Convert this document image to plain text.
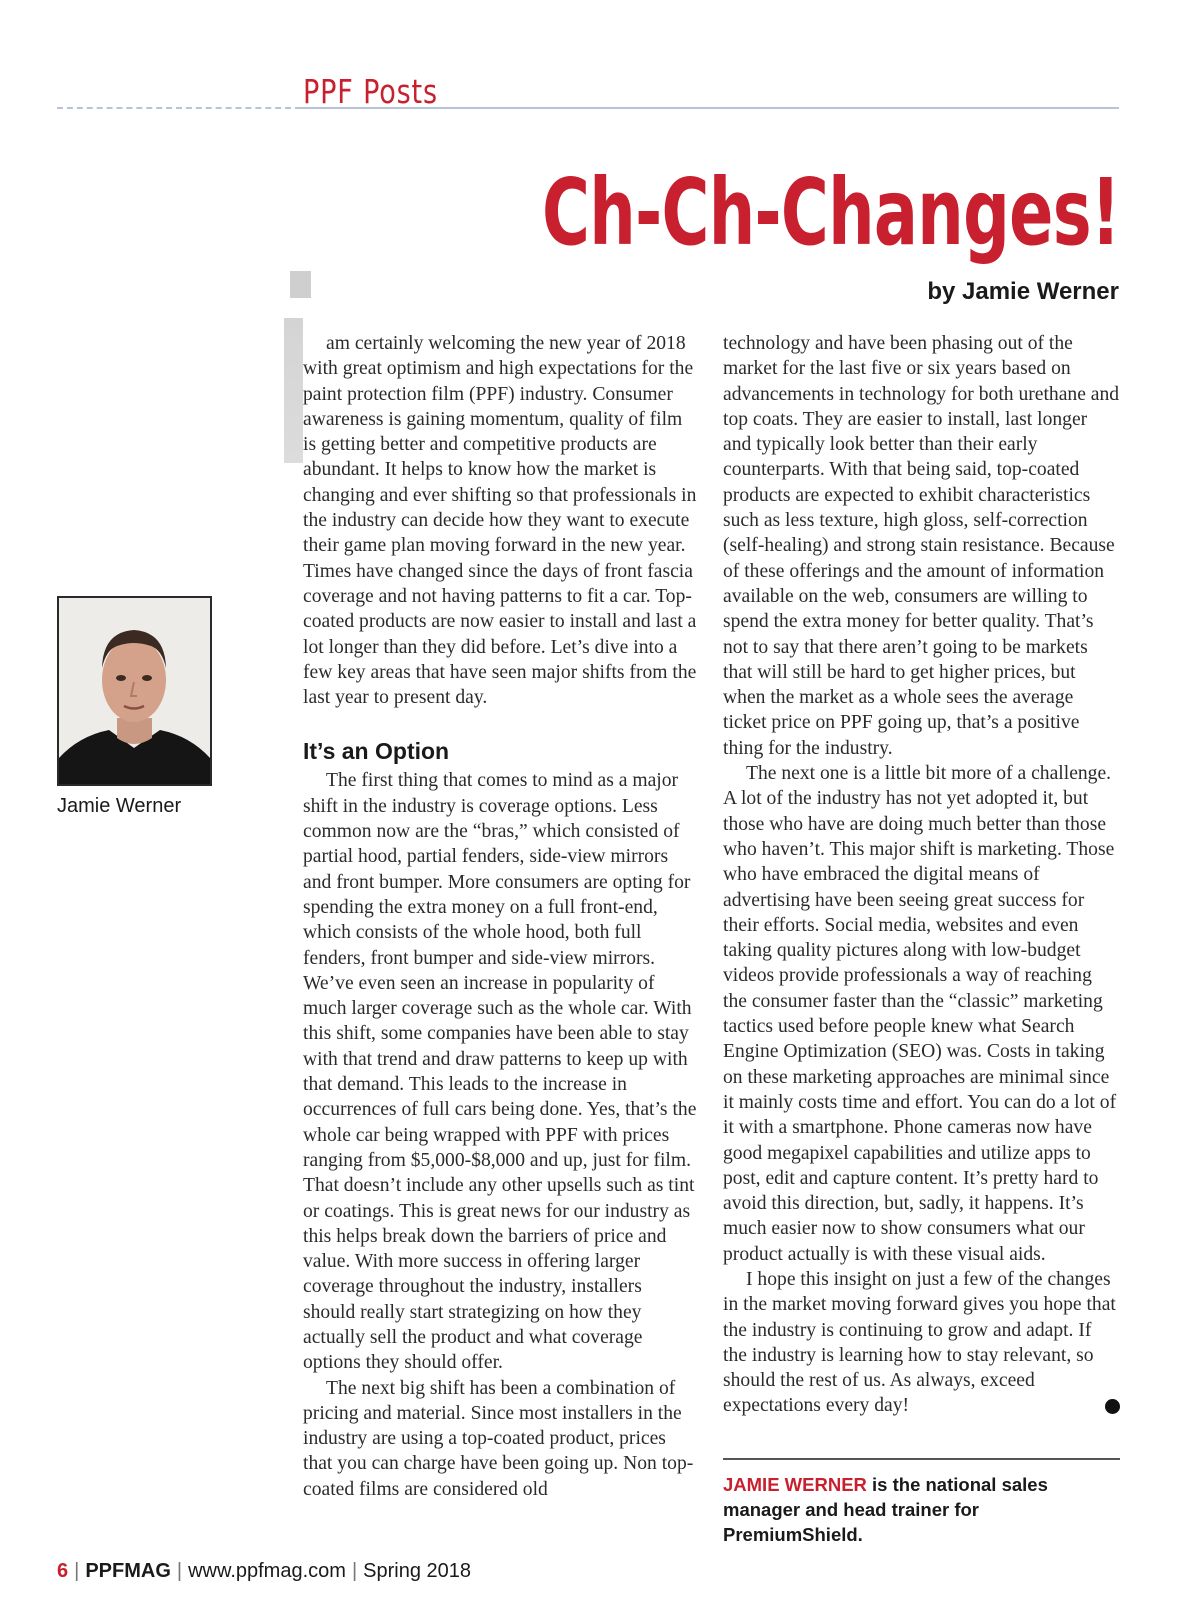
PPF Posts
Ch-Ch-Changes!
by Jamie Werner
Jamie Werner

am certainly welcoming the new year of 2018 with great optimism and high expectations for the paint protection film (PPF) industry. Consumer awareness is gaining momentum, quality of film is getting better and competitive products are abundant. It helps to know how the market is changing and ever shifting so that professionals in the industry can decide how they want to execute their game plan moving forward in the new year. Times have changed since the days of front fascia coverage and not having patterns to fit a car. Top-coated products are now easier to install and last a lot longer than they did before. Let’s dive into a few key areas that have seen major shifts from the last year to present day.

It’s an Option

The first thing that comes to mind as a major shift in the industry is coverage options. Less common now are the “bras,” which consisted of partial hood, partial fenders, side-view mirrors and front bumper. More consumers are opting for spending the extra money on a full front-end, which consists of the whole hood, both full fenders, front bumper and side-view mirrors. We’ve even seen an increase in popularity of much larger coverage such as the whole car. With this shift, some companies have been able to stay with that trend and draw patterns to keep up with that demand. This leads to the increase in occurrences of full cars being done. Yes, that’s the whole car being wrapped with PPF with prices ranging from $5,000-$8,000 and up, just for film. That doesn’t include any other upsells such as tint or coatings. This is great news for our industry as this helps break down the barriers of price and value. With more success in offering larger coverage throughout the industry, installers should really start strategizing on how they actually sell the product and what coverage options they should offer.

The next big shift has been a combination of pricing and material. Since most installers in the industry are using a top-coated product, prices that you can charge have been going up. Non top-coated films are considered old

technology and have been phasing out of the market for the last five or six years based on advancements in technology for both urethane and top coats. They are easier to install, last longer and typically look better than their early counterparts. With that being said, top-coated products are expected to exhibit characteristics such as less texture, high gloss, self-correction (self-healing) and strong stain resistance. Because of these offerings and the amount of information available on the web, consumers are willing to spend the extra money for better quality. That’s not to say that there aren’t going to be markets that will still be hard to get higher prices, but when the market as a whole sees the average ticket price on PPF going up, that’s a positive thing for the industry.

The next one is a little bit more of a challenge. A lot of the industry has not yet adopted it, but those who have are doing much better than those who haven’t. This major shift is marketing. Those who have embraced the digital means of advertising have been seeing great success for their efforts. Social media, websites and even taking quality pictures along with low-budget videos provide professionals a way of reaching the consumer faster than the “classic” marketing tactics used before people knew what Search Engine Optimization (SEO) was. Costs in taking on these marketing approaches are minimal since it mainly costs time and effort. You can do a lot of it with a smartphone. Phone cameras now have good megapixel capabilities and utilize apps to post, edit and capture content. It’s pretty hard to avoid this direction, but, sadly, it happens. It’s much easier now to show consumers what our product actually is with these visual aids.

I hope this insight on just a few of the changes in the market moving forward gives you hope that the industry is continuing to grow and adapt. If the industry is learning how to stay relevant, so should the rest of us. As always, exceed expectations every day!

JAMIE WERNER is the national sales manager and head trainer for PremiumShield.
6 | PPFMAG | www.ppfmag.com | Spring 2018
